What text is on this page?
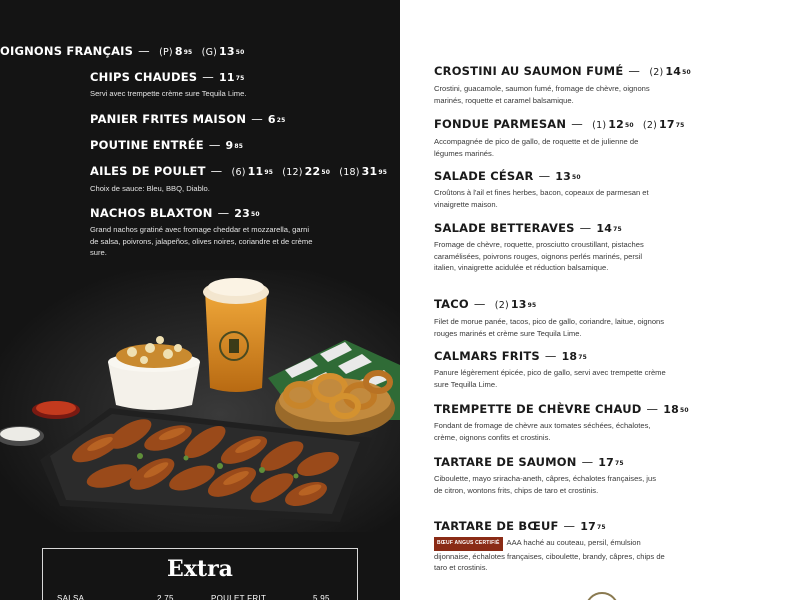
OIGNONS FRANÇAIS — (P) $8^{95}$ (G) $13^{50}$
CHIPS CHAUDES — $11^{75}$
Servi avec trempette crème sure Tequila Lime.
PANIER FRITES MAISON — $6^{25}$
POUTINE ENTRÉE — $9^{85}$
AILES DE POULET — (6) $11^{95}$ (12) $22^{50}$ (18) $31^{95}$
Choix de sauce: Bleu, BBQ, Diablo.
NACHOS BLAXTON — $23^{50}$
Grand nachos gratiné avec fromage cheddar et mozzarella, garni de salsa, poivrons, jalapeños, olives noires, coriandre et de crème sure.
Extra
SALSA	2.75	POULET FRIT	5.95
CROSTINI AU SAUMON FUMÉ — (2) $14^{50}$
Crostini, guacamole, saumon fumé, fromage de chèvre, oignons marinés, roquette et caramel balsamique.
FONDUE PARMESAN — (1) $12^{50}$ (2) $17^{75}$
Accompagnée de pico de gallo, de roquette et de julienne de légumes marinés.
SALADE CÉSAR — $13^{50}$
Croûtons à l'ail et fines herbes, bacon, copeaux de parmesan et vinaigrette maison.
SALADE BETTERAVES — $14^{75}$
Fromage de chèvre, roquette, prosciutto croustillant, pistaches caramélisées, poivrons rouges, oignons perlés marinés, persil italien, vinaigrette acidulée et réduction balsamique.
TACO — (2) $13^{95}$
Filet de morue panée, tacos, pico de gallo, coriandre, laitue, oignons rouges marinés et crème sure Tequila Lime.
CALMARS FRITS — $18^{75}$
Panure légèrement épicée, pico de gallo, servi avec trempette crème sure Tequilla Lime.
TREMPETTE DE CHÈVRE CHAUD — $18^{50}$
Fondant de fromage de chèvre aux tomates séchées, échalotes, crème, oignons confits et crostinis.
TARTARE DE SAUMON — $17^{75}$
Ciboulette, mayo sriracha-aneth, câpres, échalotes françaises, jus de citron, wontons frits, chips de taro et crostinis.
TARTARE DE BŒUF — $17^{75}$
BŒUF ANGUS CERTIFIÉ AAA haché au couteau, persil, émulsion dijonnaise, échalotes françaises, ciboulette, brandy, câpres, chips de taro et crostinis.
